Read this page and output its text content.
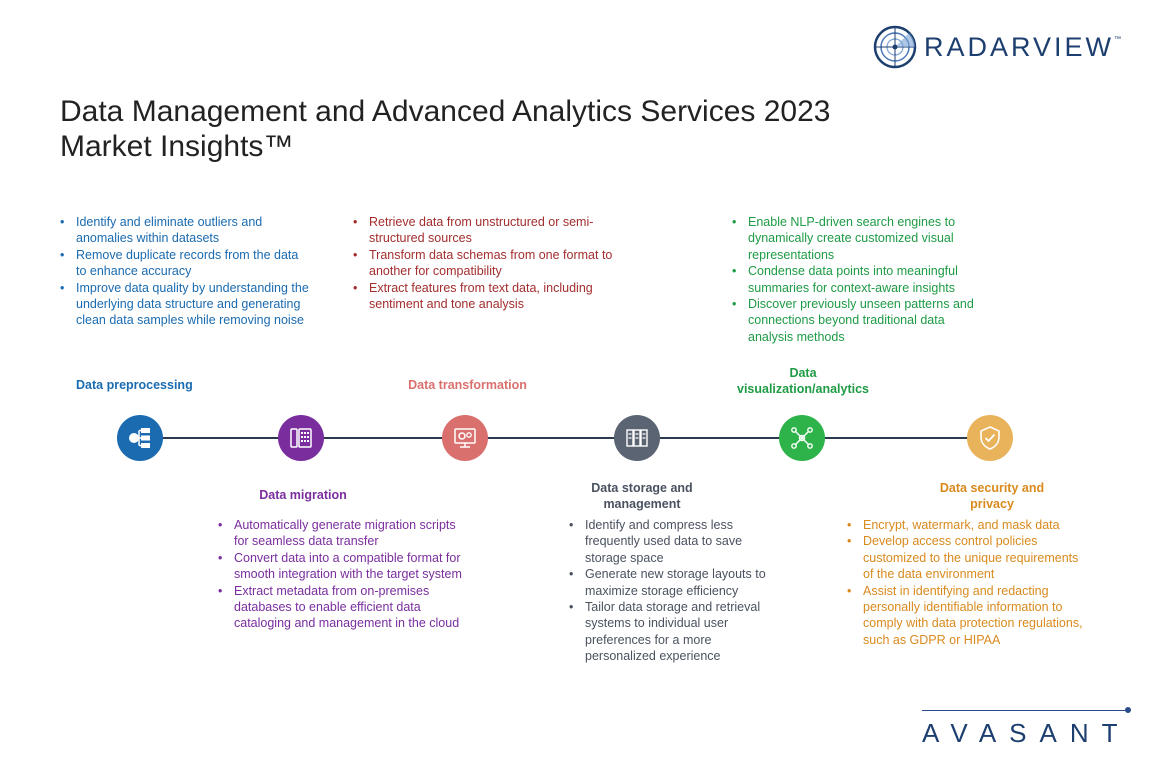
RADARVIEW™
Data Management and Advanced Analytics Services 2023
Market Insights™
• Identify and eliminate outliers and anomalies within datasets
• Remove duplicate records from the data to enhance accuracy
• Improve data quality by understanding the underlying data structure and generating clean data samples while removing noise
• Retrieve data from unstructured or semi-structured sources
• Transform data schemas from one format to another for compatibility
• Extract features from text data, including sentiment and tone analysis
• Enable NLP-driven search engines to dynamically create customized visual representations
• Condense data points into meaningful summaries for context-aware insights
• Discover previously unseen patterns and connections beyond traditional data analysis methods
Data preprocessing	Data transformation
Data visualization/analytics
Data migration	Data storage and management
Data security and privacy
• Automatically generate migration scripts for seamless data transfer
• Convert data into a compatible format for smooth integration with the target system
• Extract metadata from on-premises databases to enable efficient data cataloging and management in the cloud
• Identify and compress less frequently used data to save storage space
• Generate new storage layouts to maximize storage efficiency
• Tailor data storage and retrieval systems to individual user preferences for a more personalized experience
• Encrypt, watermark, and mask data
• Develop access control policies customized to the unique requirements of the data environment
• Assist in identifying and redacting personally identifiable information to comply with data protection regulations, such as GDPR or HIPAA
AVASANT
